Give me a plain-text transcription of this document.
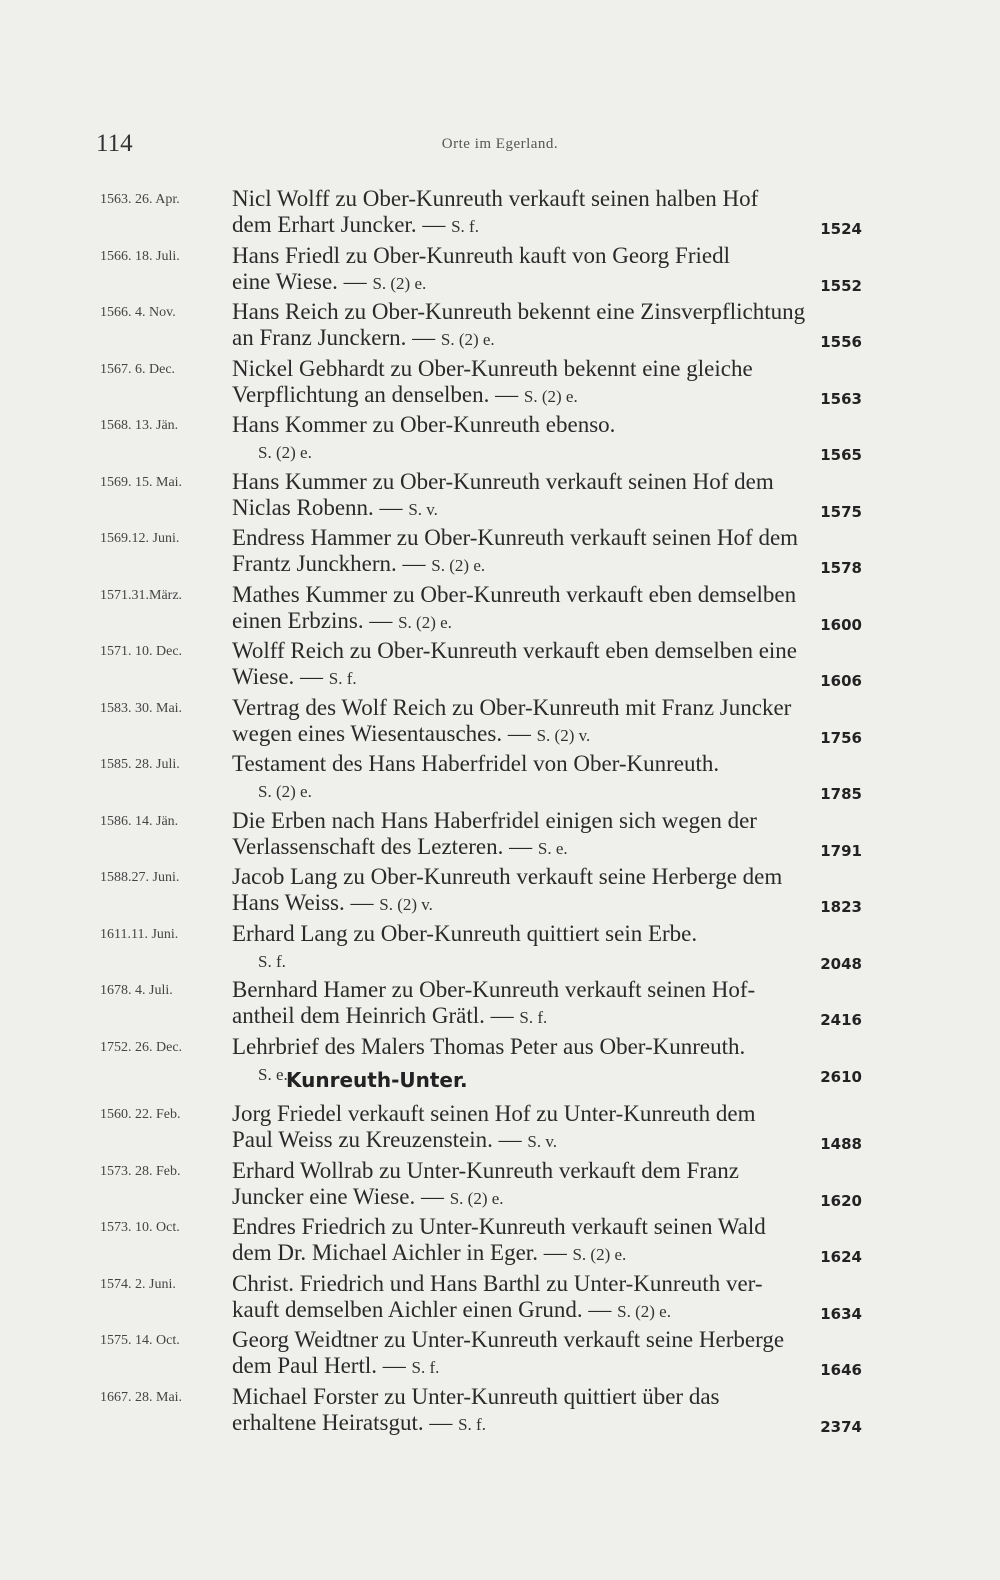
114	Orte im Egerland.
1563. 26. Apr. Nicl Wolff zu Ober-Kunreuth verkauft seinen halben Hof
dem Erhart Juncker. — S. f.	1524
1566. 18. Juli. Hans Friedl zu Ober-Kunreuth kauft von Georg Friedl
eine Wiese. — S. (2) e.	1552
1566. 4. Nov. Hans Reich zu Ober-Kunreuth bekennt eine Zinsverpflichtung
an Franz Junckern. — S. (2) e.	1556
1567. 6. Dec. Nickel Gebhardt zu Ober-Kunreuth bekennt eine gleiche
Verpflichtung an denselben. — S. (2) e.	1563
1568. 13. Jän. Hans Kommer zu Ober-Kunreuth ebenso.
S. (2) e.	1565
1569. 15. Mai. Hans Kummer zu Ober-Kunreuth verkauft seinen Hof dem
Niclas Robenn. — S. v.	1575
1569.12. Juni. Endress Hammer zu Ober-Kunreuth verkauft seinen Hof dem
Frantz Junckhern. — S. (2) e.	1578
1571.31.März. Mathes Kummer zu Ober-Kunreuth verkauft eben demselben
einen Erbzins. — S. (2) e.	1600
1571. 10. Dec. Wolff Reich zu Ober-Kunreuth verkauft eben demselben eine
Wiese. — S. f.	1606
1583. 30. Mai. Vertrag des Wolf Reich zu Ober-Kunreuth mit Franz Juncker
wegen eines Wiesentausches. — S. (2) v.	1756
1585. 28. Juli. Testament des Hans Haberfridel von Ober-Kunreuth.
S. (2) e.	1785
1586. 14. Jän. Die Erben nach Hans Haberfridel einigen sich wegen der
Verlassenschaft des Lezteren. — S. e.	1791
1588.27. Juni. Jacob Lang zu Ober-Kunreuth verkauft seine Herberge dem
Hans Weiss. — S. (2) v.	1823
1611.11. Juni. Erhard Lang zu Ober-Kunreuth quittiert sein Erbe.
S. f.	2048
1678. 4. Juli.	Bernhard Hamer zu Ober-Kunreuth verkauft seinen Hof-
antheil dem Heinrich Grätl. — S. f.	2416
1752. 26. Dec. Lehrbrief des Malers Thomas Peter aus Ober-Kunreuth.
S. e.	2610
Kunreuth-Unter.
1560. 22. Feb. Jorg Friedel verkauft seinen Hof zu Unter-Kunreuth dem
Paul Weiss zu Kreuzenstein. — S. v.	1488
1573. 28. Feb. Erhard Wollrab zu Unter-Kunreuth verkauft dem Franz
Juncker eine Wiese. — S. (2) e.	1620
1573. 10. Oct. Endres Friedrich zu Unter-Kunreuth verkauft seinen Wald
dem Dr. Michael Aichler in Eger. — S. (2) e.	1624
1574. 2. Juni. Christ. Friedrich und Hans Barthl zu Unter-Kunreuth ver-
kauft demselben Aichler einen Grund. — S. (2) e.	1634
1575. 14. Oct. Georg Weidtner zu Unter-Kunreuth verkauft seine Herberge
dem Paul Hertl. — S. f.	1646
1667. 28. Mai. Michael Forster zu Unter-Kunreuth quittiert über das
erhaltene Heiratsgut. — S. f.	2374
